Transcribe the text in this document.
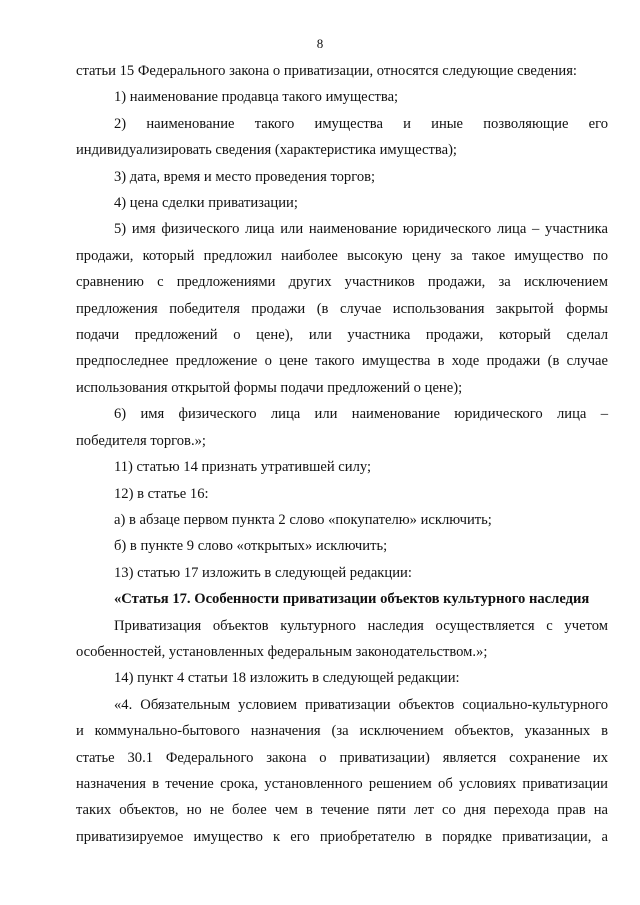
8

статьи 15 Федерального закона о приватизации, относятся следующие сведения:

1) наименование продавца такого имущества;

2) наименование такого имущества и иные позволяющие его

индивидуализировать сведения (характеристика имущества);

3) дата, время и место проведения торгов;

4) цена сделки приватизации;

5) имя физического лица или наименование юридического лица – участника

продажи, который предложил наиболее высокую цену за такое имущество по

сравнению с предложениями других участников продажи, за исключением

предложения победителя продажи (в случае использования закрытой формы

подачи предложений о цене), или участника продажи, который сделал

предпоследнее предложение о цене такого имущества в ходе продажи (в случае

использования открытой формы подачи предложений о цене);

6) имя физического лица или наименование юридического лица –

победителя торгов.»;

11) статью 14 признать утратившей силу;

12) в статье 16:

а) в абзаце первом пункта 2 слово «покупателю» исключить;

б) в пункте 9 слово «открытых» исключить;

13) статью 17 изложить в следующей редакции:

«Статья 17. Особенности приватизации объектов культурного наследия

Приватизация объектов культурного наследия осуществляется с учетом

особенностей, установленных федеральным законодательством.»;

14) пункт 4 статьи 18 изложить в следующей редакции:

«4. Обязательным условием приватизации объектов социально-культурного

и коммунально-бытового назначения (за исключением объектов, указанных в

статье 30.1 Федерального закона о приватизации) является сохранение их

назначения в течение срока, установленного решением об условиях приватизации

таких объектов, но не более чем в течение пяти лет со дня перехода прав на

приватизируемое имущество к его приобретателю в порядке приватизации, а
